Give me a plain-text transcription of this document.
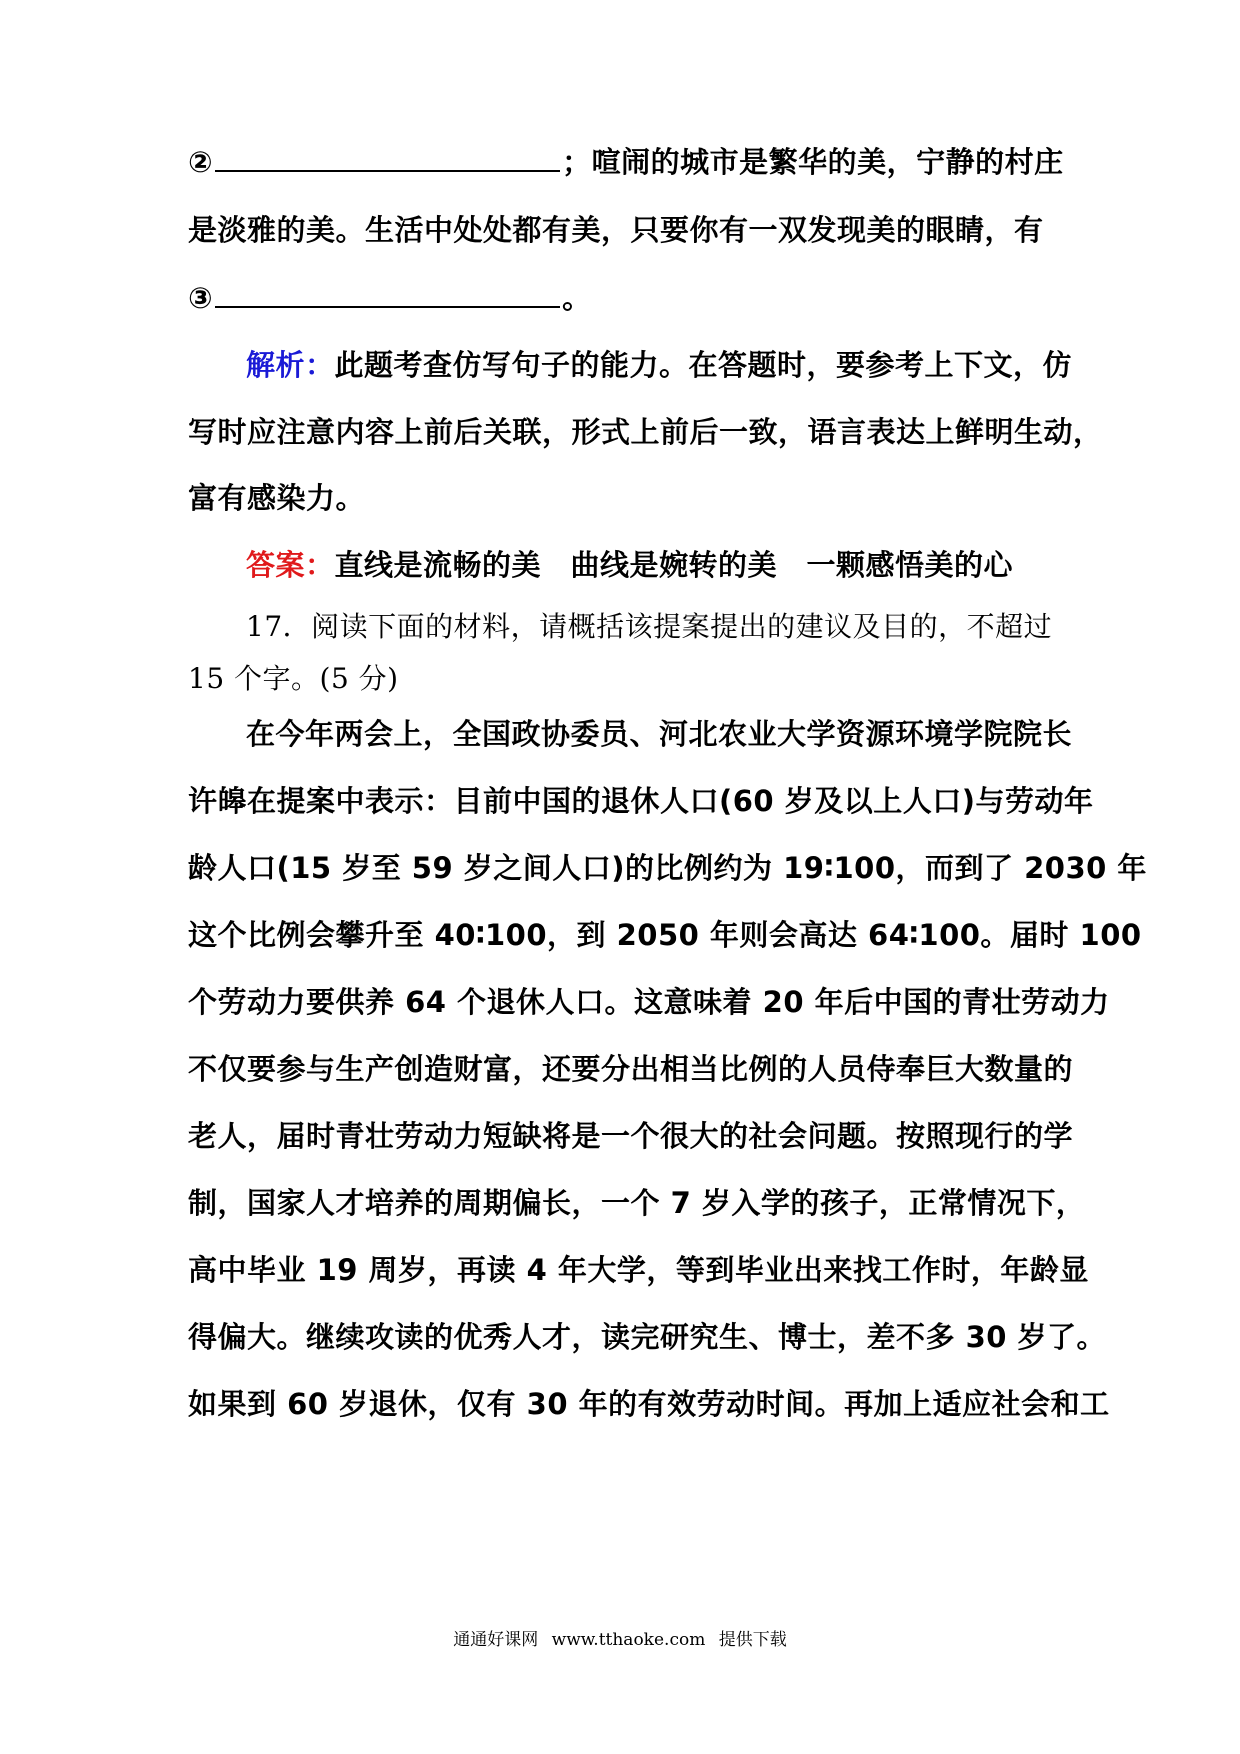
②	；喧闹的城市是繁华的美，宁静的村庄
是淡雅的美。生活中处处都有美，只要你有一双发现美的眼睛，有
③	。
解析：此题考查仿写句子的能力。在答题时，要参考上下文，仿
写时应注意内容上前后关联，形式上前后一致，语言表达上鲜明生动，
富有感染力。
答案：直线是流畅的美　曲线是婉转的美　一颗感悟美的心
17．阅读下面的材料，请概括该提案提出的建议及目的，不超过
15 个字。(5 分)
在今年两会上，全国政协委员、河北农业大学资源环境学院院长
许皞在提案中表示：目前中国的退休人口(60 岁及以上人口)与劳动年
龄人口(15 岁至 59 岁之间人口)的比例约为 19∶100，而到了 2030 年
这个比例会攀升至 40∶100，到 2050 年则会高达 64∶100。届时 100
个劳动力要供养 64 个退休人口。这意味着 20 年后中国的青壮劳动力
不仅要参与生产创造财富，还要分出相当比例的人员侍奉巨大数量的
老人，届时青壮劳动力短缺将是一个很大的社会问题。按照现行的学
制，国家人才培养的周期偏长，一个 7 岁入学的孩子，正常情况下，
高中毕业 19 周岁，再读 4 年大学，等到毕业出来找工作时，年龄显
得偏大。继续攻读的优秀人才，读完研究生、博士，差不多 30 岁了。
如果到 60 岁退休，仅有 30 年的有效劳动时间。再加上适应社会和工
通通好课网 www.tthaoke.com 提供下载
